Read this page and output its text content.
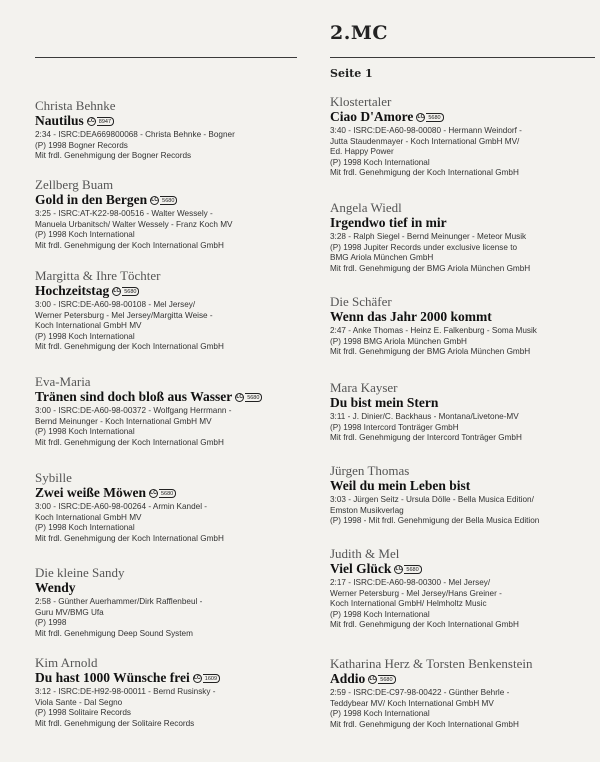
Christa Behnke
Nautilus LC 8947
2:34 - ISRC:DEA669800068 - Christa Behnke - Bogner
(P) 1998 Bogner Records
Mit frdl. Genehmigung der Bogner Records
Zellberg Buam
Gold in den Bergen LC 5680
3:25 - ISRC:AT-K22-98-00516 - Walter Wessely -
Manuela Urbanitsch/ Walter Wessely - Franz Koch MV
(P) 1998 Koch International
Mit frdl. Genehmigung der Koch International GmbH
Margitta & Ihre Töchter
Hochzeitstag LC 5680
3:00 - ISRC:DE-A60-98-00108 - Mel Jersey/
Werner Petersburg - Mel Jersey/Margitta Weise -
Koch International GmbH MV
(P) 1998 Koch International
Mit frdl. Genehmigung der Koch International GmbH
Eva-Maria
Tränen sind doch bloß aus Wasser LC 5680
3:00 - ISRC:DE-A60-98-00372 - Wolfgang Herrmann -
Bernd Meinunger - Koch International GmbH MV
(P) 1998 Koch International
Mit frdl. Genehmigung der Koch International GmbH
Sybille
Zwei weiße Möwen LC 5680
3:00 - ISRC:DE-A60-98-00264 - Armin Kandel -
Koch International GmbH MV
(P) 1998 Koch International
Mit frdl. Genehmigung der Koch International GmbH
Die kleine Sandy
Wendy
2:58 - Günther Auerhammer/Dirk Rafflenbeul -
Guru MV/BMG Ufa
(P) 1998
Mit frdl. Genehmigung Deep Sound System
Kim Arnold
Du hast 1000 Wünsche frei LC 1609
3:12 - ISRC:DE-H92-98-00011 - Bernd Rusinsky -
Viola Sante - Dal Segno
(P) 1998 Solitaire Records
Mit frdl. Genehmigung der Solitaire Records
2.MC
Seite 1
Klostertaler
Ciao D'Amore LC 5680
3:40 - ISRC:DE-A60-98-00080 - Hermann Weindorf -
Jutta Staudenmayer - Koch International GmbH MV/
Ed. Happy Power
(P) 1998 Koch International
Mit frdl. Genehmigung der Koch International GmbH
Angela Wiedl
Irgendwo tief in mir
3:28 - Ralph Siegel - Bernd Meinunger - Meteor Musik
(P) 1998 Jupiter Records under exclusive license to
BMG Ariola München GmbH
Mit frdl. Genehmigung der BMG Ariola München GmbH
Die Schäfer
Wenn das Jahr 2000 kommt
2:47 - Anke Thomas - Heinz E. Falkenburg - Soma Musik
(P) 1998 BMG Ariola München GmbH
Mit frdl. Genehmigung der BMG Ariola München GmbH
Mara Kayser
Du bist mein Stern
3:11 - J. Dinier/C. Backhaus - Montana/Livetone-MV
(P) 1998 Intercord Tonträger GmbH
Mit frdl. Genehmigung der Intercord Tonträger GmbH
Jürgen Thomas
Weil du mein Leben bist
3:03 - Jürgen Seitz - Ursula Dölle - Bella Musica Edition/
Emston Musikverlag
(P) 1998 - Mit frdl. Genehmigung der Bella Musica Edition
Judith & Mel
Viel Glück LC 5680
2:17 - ISRC:DE-A60-98-00300 - Mel Jersey/
Werner Petersburg - Mel Jersey/Hans Greiner -
Koch International GmbH/ Helmholtz Music
(P) 1998 Koch International
Mit frdl. Genehmigung der Koch International GmbH
Katharina Herz & Torsten Benkenstein
Addio LC 5680
2:59 - ISRC:DE-C97-98-00422 - Günther Behrle -
Teddybear MV/ Koch International GmbH MV
(P) 1998 Koch International
Mit frdl. Genehmigung der Koch International GmbH
